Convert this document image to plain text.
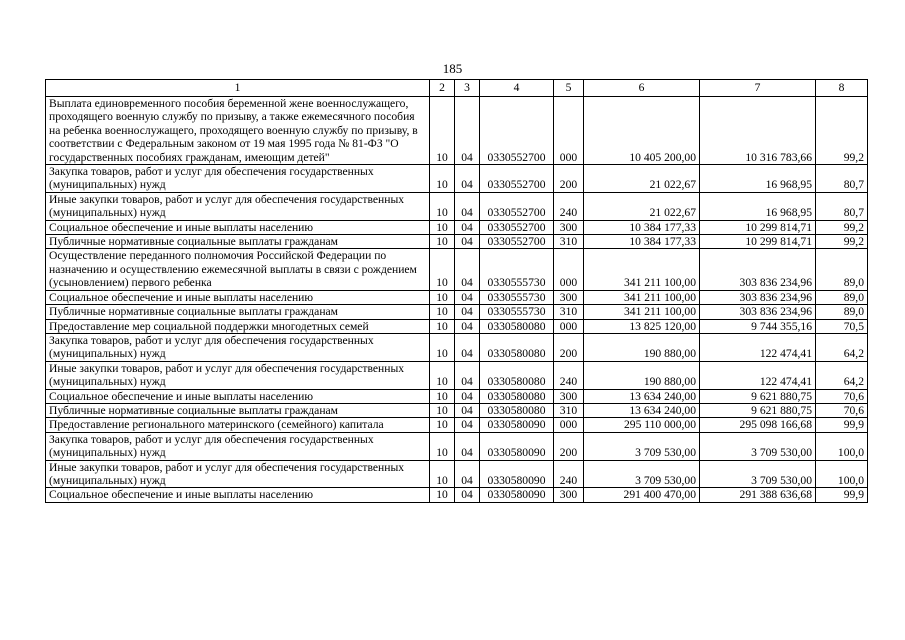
185
1	2	3	4	5	6	7	8
Выплата единовременного пособия беременной жене военнослужащего, проходящего военную службу по призыву, а также ежемесячного пособия на ребенка военнослужащего, проходящего военную службу по призыву, в соответствии с Федеральным законом от 19 мая 1995 года № 81-ФЗ "О государственных пособиях гражданам, имеющим детей"	10	04	0330552700	000	10 405 200,00	10 316 783,66	99,2
Закупка товаров, работ и услуг для обеспечения государственных (муниципальных) нужд	10	04	0330552700	200	21 022,67	16 968,95	80,7
Иные закупки товаров, работ и услуг для обеспечения государственных (муниципальных) нужд	10	04	0330552700	240	21 022,67	16 968,95	80,7
Социальное обеспечение и иные выплаты населению	10	04	0330552700	300	10 384 177,33	10 299 814,71	99,2
Публичные нормативные социальные выплаты гражданам	10	04	0330552700	310	10 384 177,33	10 299 814,71	99,2
Осуществление переданного полномочия Российской Федерации по назначению и осуществлению ежемесячной выплаты в связи с рождением (усыновлением) первого ребенка	10	04	0330555730	000	341 211 100,00	303 836 234,96	89,0
Социальное обеспечение и иные выплаты населению	10	04	0330555730	300	341 211 100,00	303 836 234,96	89,0
Публичные нормативные социальные выплаты гражданам	10	04	0330555730	310	341 211 100,00	303 836 234,96	89,0
Предоставление мер социальной поддержки многодетных семей	10	04	0330580080	000	13 825 120,00	9 744 355,16	70,5
Закупка товаров, работ и услуг для обеспечения государственных (муниципальных) нужд	10	04	0330580080	200	190 880,00	122 474,41	64,2
Иные закупки товаров, работ и услуг для обеспечения государственных (муниципальных) нужд	10	04	0330580080	240	190 880,00	122 474,41	64,2
Социальное обеспечение и иные выплаты населению	10	04	0330580080	300	13 634 240,00	9 621 880,75	70,6
Публичные нормативные социальные выплаты гражданам	10	04	0330580080	310	13 634 240,00	9 621 880,75	70,6
Предоставление регионального материнского (семейного) капитала	10	04	0330580090	000	295 110 000,00	295 098 166,68	99,9
Закупка товаров, работ и услуг для обеспечения государственных (муниципальных) нужд	10	04	0330580090	200	3 709 530,00	3 709 530,00	100,0
Иные закупки товаров, работ и услуг для обеспечения государственных (муниципальных) нужд	10	04	0330580090	240	3 709 530,00	3 709 530,00	100,0
Социальное обеспечение и иные выплаты населению	10	04	0330580090	300	291 400 470,00	291 388 636,68	99,9
